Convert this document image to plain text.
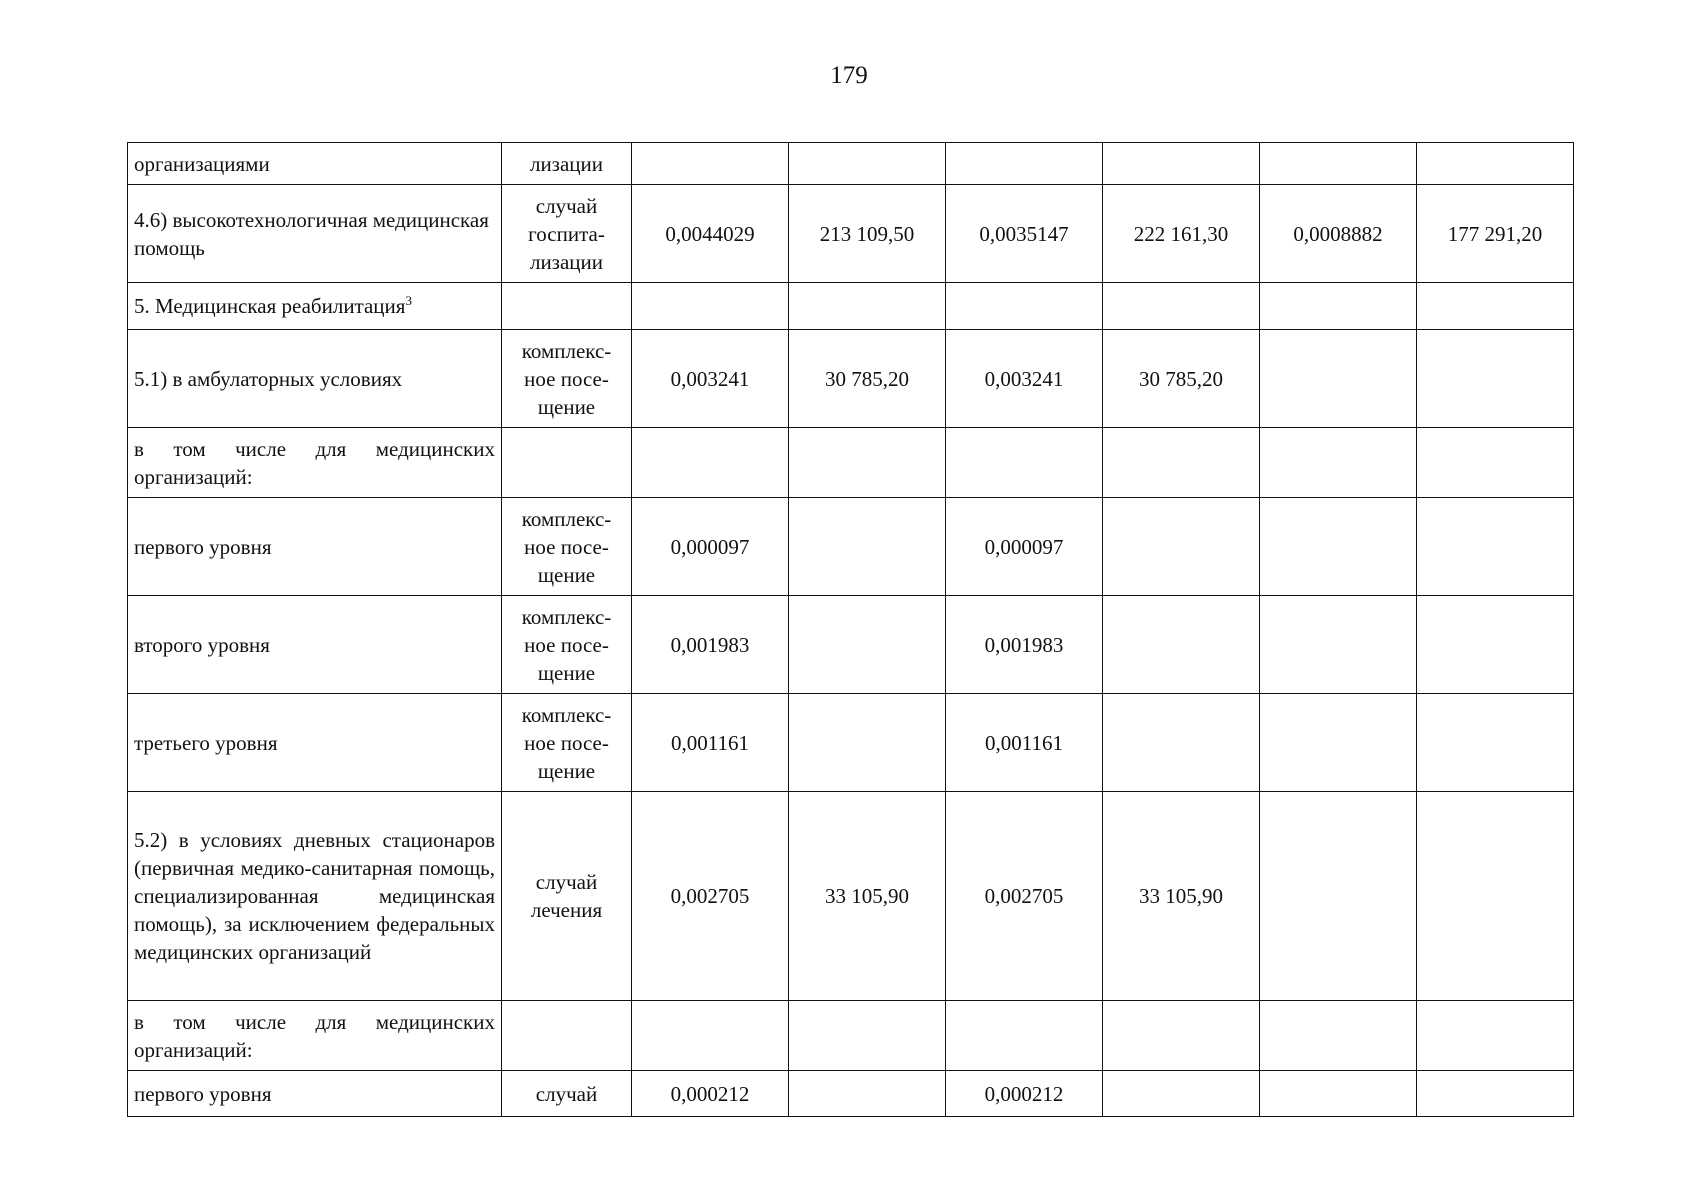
179
организациями	лизации						
4.6) высокотехнологичная медицинская помощь	случай госпита-лизации	0,0044029	213 109,50	0,0035147	222 161,30	0,0008882	177 291,20
5. Медицинская реабилитация$^3$							
5.1) в амбулаторных условиях	комплекс-ное посе-щение	0,003241	30 785,20	0,003241	30 785,20		
в том числе для медицинских организаций:							
первого уровня	комплекс-ное посе-щение	0,000097		0,000097			
второго уровня	комплекс-ное посе-щение	0,001983		0,001983			
третьего уровня	комплекс-ное посе-щение	0,001161		0,001161			
5.2) в условиях дневных стационаров (первичная медико-санитарная помощь, специализированная медицинская помощь), за исключением федеральных медицинских организаций	случай лечения	0,002705	33 105,90	0,002705	33 105,90		
в том числе для медицинских организаций:							
первого уровня	случай	0,000212		0,000212			
